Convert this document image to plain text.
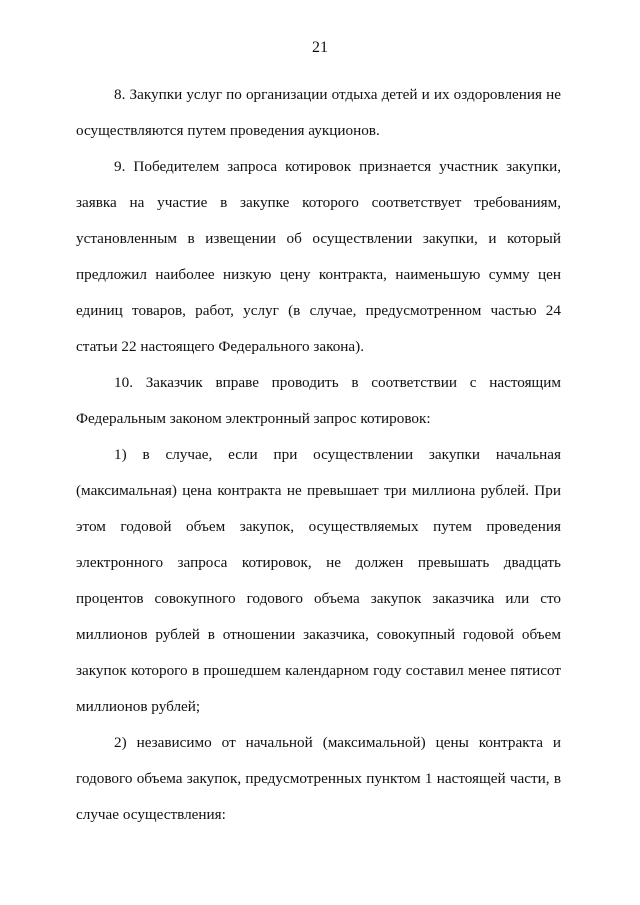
21

8. Закупки услуг по организации отдыха детей и их оздоровления не осуществляются путем проведения аукционов.

9. Победителем запроса котировок признается участник закупки, заявка на участие в закупке которого соответствует требованиям, установленным в извещении об осуществлении закупки, и который предложил наиболее низкую цену контракта, наименьшую сумму цен единиц товаров, работ, услуг (в случае, предусмотренном частью 24 статьи 22 настоящего Федерального закона).

10. Заказчик вправе проводить в соответствии с настоящим Федеральным законом электронный запрос котировок:

1) в случае, если при осуществлении закупки начальная (максимальная) цена контракта не превышает три миллиона рублей. При этом годовой объем закупок, осуществляемых путем проведения электронного запроса котировок, не должен превышать двадцать процентов совокупного годового объема закупок заказчика или сто миллионов рублей в отношении заказчика, совокупный годовой объем закупок которого в прошедшем календарном году составил менее пятисот миллионов рублей;

2) независимо от начальной (максимальной) цены контракта и годового объема закупок, предусмотренных пунктом 1 настоящей части, в случае осуществления:
